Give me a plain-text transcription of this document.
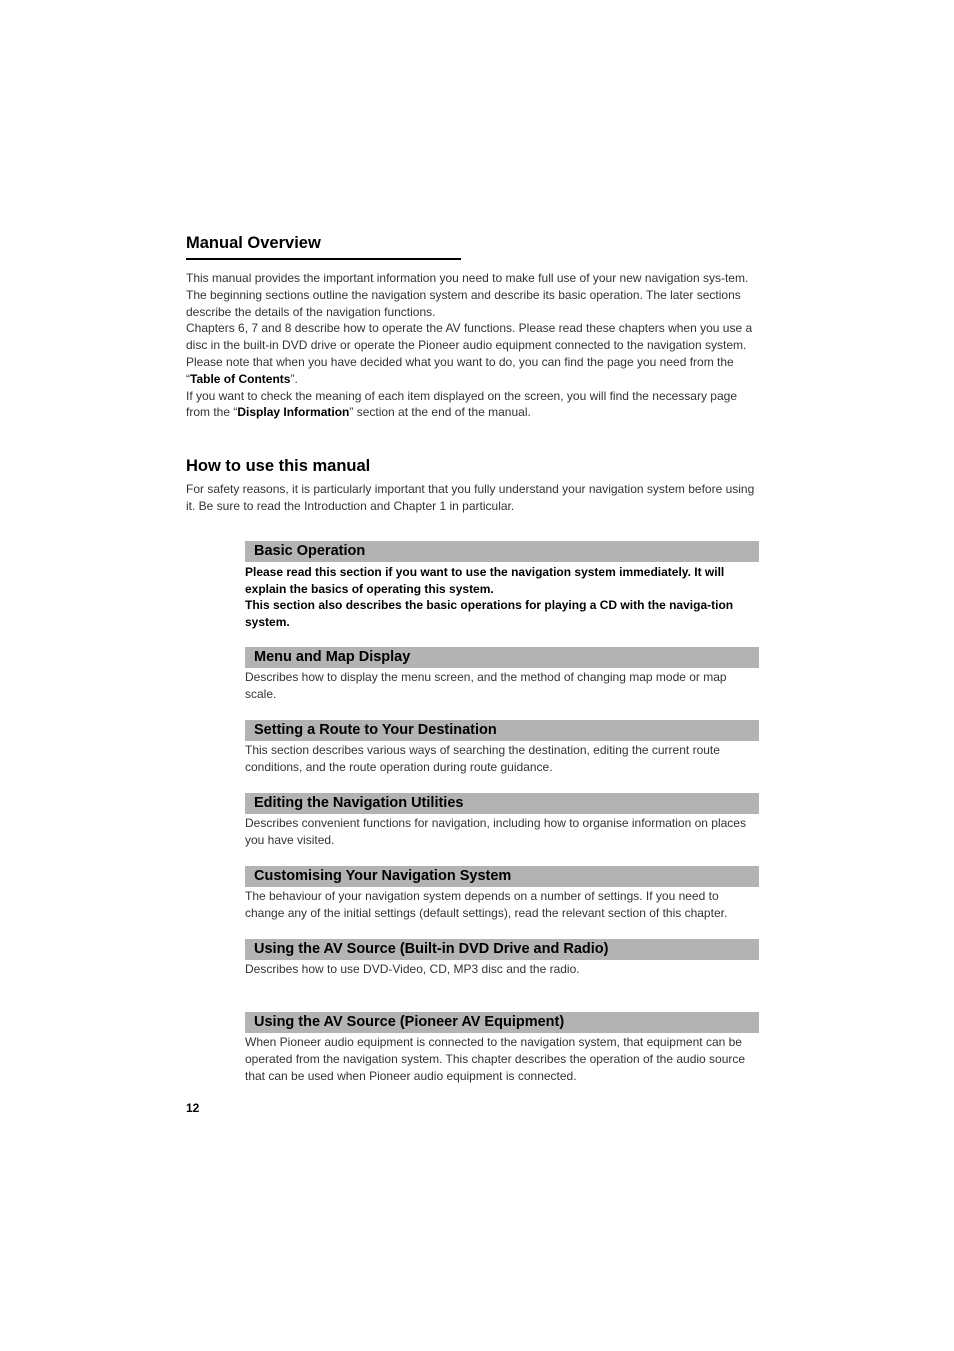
Manual Overview

This manual provides the important information you need to make full use of your new navigation sys-tem. The beginning sections outline the navigation system and describe its basic operation. The later sections describe the details of the navigation functions.

Chapters 6, 7 and 8 describe how to operate the AV functions. Please read these chapters when you use a disc in the built-in DVD drive or operate the Pioneer audio equipment connected to the navigation system.

Please note that when you have decided what you want to do, you can find the page you need from the “Table of Contents”.

If you want to check the meaning of each item displayed on the screen, you will find the necessary page from the “Display Information” section at the end of the manual.

How to use this manual

For safety reasons, it is particularly important that you fully understand your navigation system before using it. Be sure to read the Introduction and Chapter 1 in particular.

Basic Operation

Please read this section if you want to use the navigation system immediately. It will explain the basics of operating this system.

This section also describes the basic operations for playing a CD with the naviga-tion system.

Menu and Map Display

Describes how to display the menu screen, and the method of changing map mode or map scale.

Setting a Route to Your Destination

This section describes various ways of searching the destination, editing the current route conditions, and the route operation during route guidance.

Editing the Navigation Utilities

Describes convenient functions for navigation, including how to organise information on places you have visited.

Customising Your Navigation System

The behaviour of your navigation system depends on a number of settings. If you need to change any of the initial settings (default settings), read the relevant section of this chapter.

Using the AV Source (Built-in DVD Drive and Radio)

Describes how to use DVD-Video, CD, MP3 disc and the radio.

Using the AV Source (Pioneer AV Equipment)

When Pioneer audio equipment is connected to the navigation system, that equipment can be operated from the navigation system. This chapter describes the operation of the audio source that can be used when Pioneer audio equipment is connected.

12
